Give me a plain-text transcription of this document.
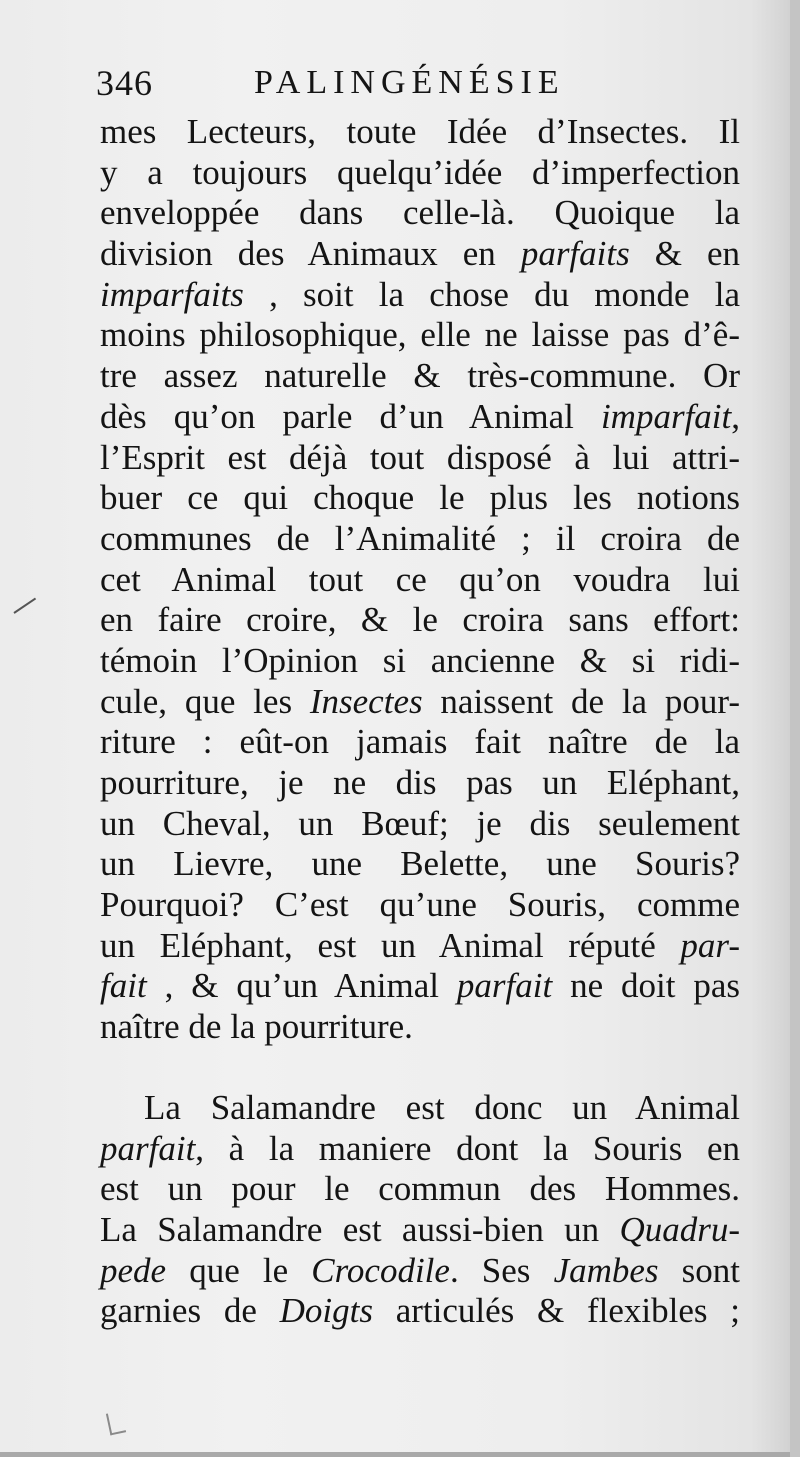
346	PALINGÉNÉSIE
mes Lecteurs, toute Idée d’Insectes. Il
y a toujours quelqu’idée d’imperfection
enveloppée dans celle-là. Quoique la
division des Animaux en parfaits & en
imparfaits , soit la chose du monde la
moins philosophique, elle ne laisse pas d’ê-
tre assez naturelle & très-commune. Or
dès qu’on parle d’un Animal imparfait,
l’Esprit est déjà tout disposé à lui attri-
buer ce qui choque le plus les notions
communes de l’Animalité ; il croira de
cet Animal tout ce qu’on voudra lui
en faire croire, & le croira sans effort:
témoin l’Opinion si ancienne & si ridi-
cule, que les Insectes naissent de la pour-
riture : eût-on jamais fait naître de la
pourriture, je ne dis pas un Eléphant,
un Cheval, un Bœuf; je dis seulement
un Lievre, une Belette, une Souris?
Pourquoi? C’est qu’une Souris, comme
un Eléphant, est un Animal réputé par-
fait , & qu’un Animal parfait ne doit pas
naître de la pourriture.
La Salamandre est donc un Animal
parfait, à la maniere dont la Souris en
est un pour le commun des Hommes.
La Salamandre est aussi-bien un Quadru-
pede que le Crocodile. Ses Jambes sont
garnies de Doigts articulés & flexibles ;
